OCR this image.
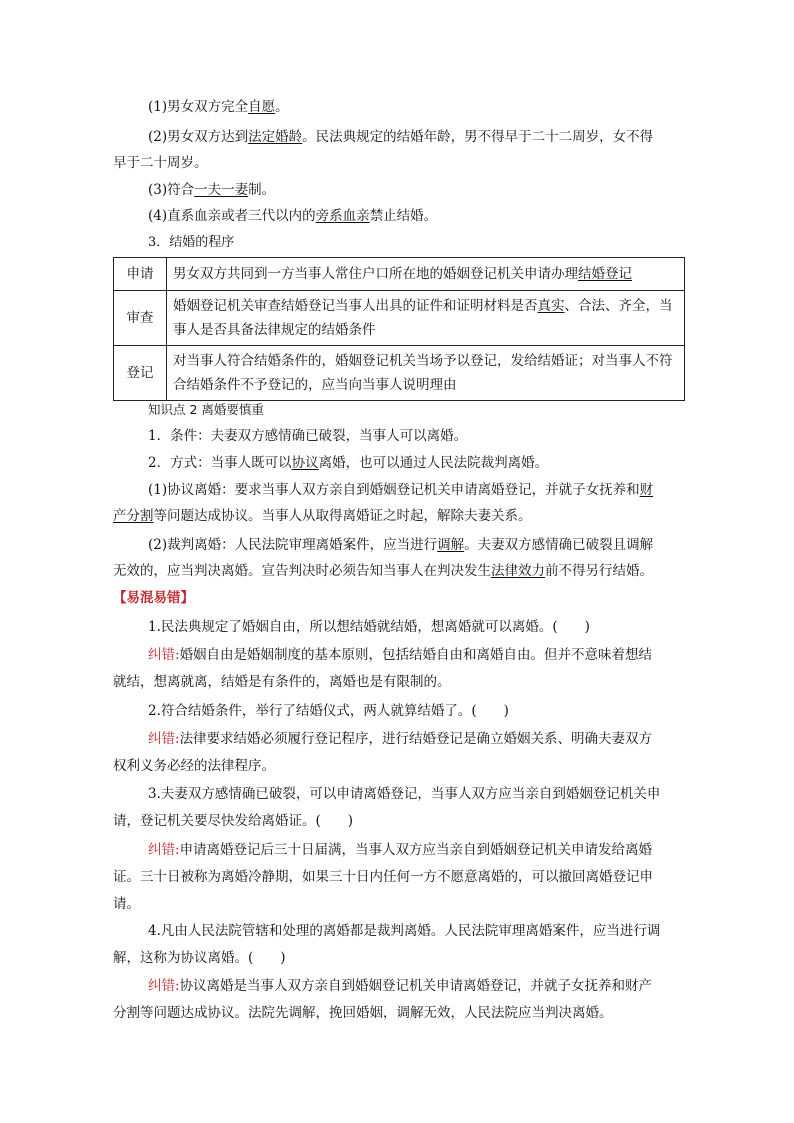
(1)男女双方完全自愿。
(2)男女双方达到法定婚龄。民法典规定的结婚年龄，男不得早于二十二周岁，女不得
早于二十周岁。
(3)符合一夫一妻制。
(4)直系血亲或者三代以内的旁系血亲禁止结婚。
3．结婚的程序
申请	男女双方共同到一方当事人常住户口所在地的婚姻登记机关申请办理结婚登记
审查	婚姻登记机关审查结婚登记当事人出具的证件和证明材料是否真实、合法、齐全，当事人是否具备法律规定的结婚条件
登记	对当事人符合结婚条件的，婚姻登记机关当场予以登记，发给结婚证；对当事人不符合结婚条件不予登记的，应当向当事人说明理由
知识点 2 离婚要慎重
1．条件：夫妻双方感情确已破裂，当事人可以离婚。
2．方式：当事人既可以协议离婚，也可以通过人民法院裁判离婚。
(1)协议离婚：要求当事人双方亲自到婚姻登记机关申请离婚登记，并就子女抚养和财
产分割等问题达成协议。当事人从取得离婚证之时起，解除夫妻关系。
(2)裁判离婚：人民法院审理离婚案件，应当进行调解。夫妻双方感情确已破裂且调解
无效的，应当判决离婚。宣告判决时必须告知当事人在判决发生法律效力前不得另行结婚。
【易混易错】
1.民法典规定了婚姻自由，所以想结婚就结婚，想离婚就可以离婚。(　　)
纠错:婚姻自由是婚姻制度的基本原则，包括结婚自由和离婚自由。但并不意味着想结
就结，想离就离，结婚是有条件的，离婚也是有限制的。
2.符合结婚条件，举行了结婚仪式，两人就算结婚了。(　　)
纠错:法律要求结婚必须履行登记程序，进行结婚登记是确立婚姻关系、明确夫妻双方
权利义务必经的法律程序。
3.夫妻双方感情确已破裂，可以申请离婚登记，当事人双方应当亲自到婚姻登记机关申
请，登记机关要尽快发给离婚证。(　　)
纠错:申请离婚登记后三十日届满，当事人双方应当亲自到婚姻登记机关申请发给离婚
证。三十日被称为离婚冷静期，如果三十日内任何一方不愿意离婚的，可以撤回离婚登记申
请。
4.凡由人民法院管辖和处理的离婚都是裁判离婚。人民法院审理离婚案件，应当进行调
解，这称为协议离婚。(　　)
纠错:协议离婚是当事人双方亲自到婚姻登记机关申请离婚登记，并就子女抚养和财产
分割等问题达成协议。法院先调解，挽回婚姻，调解无效，人民法院应当判决离婚。
